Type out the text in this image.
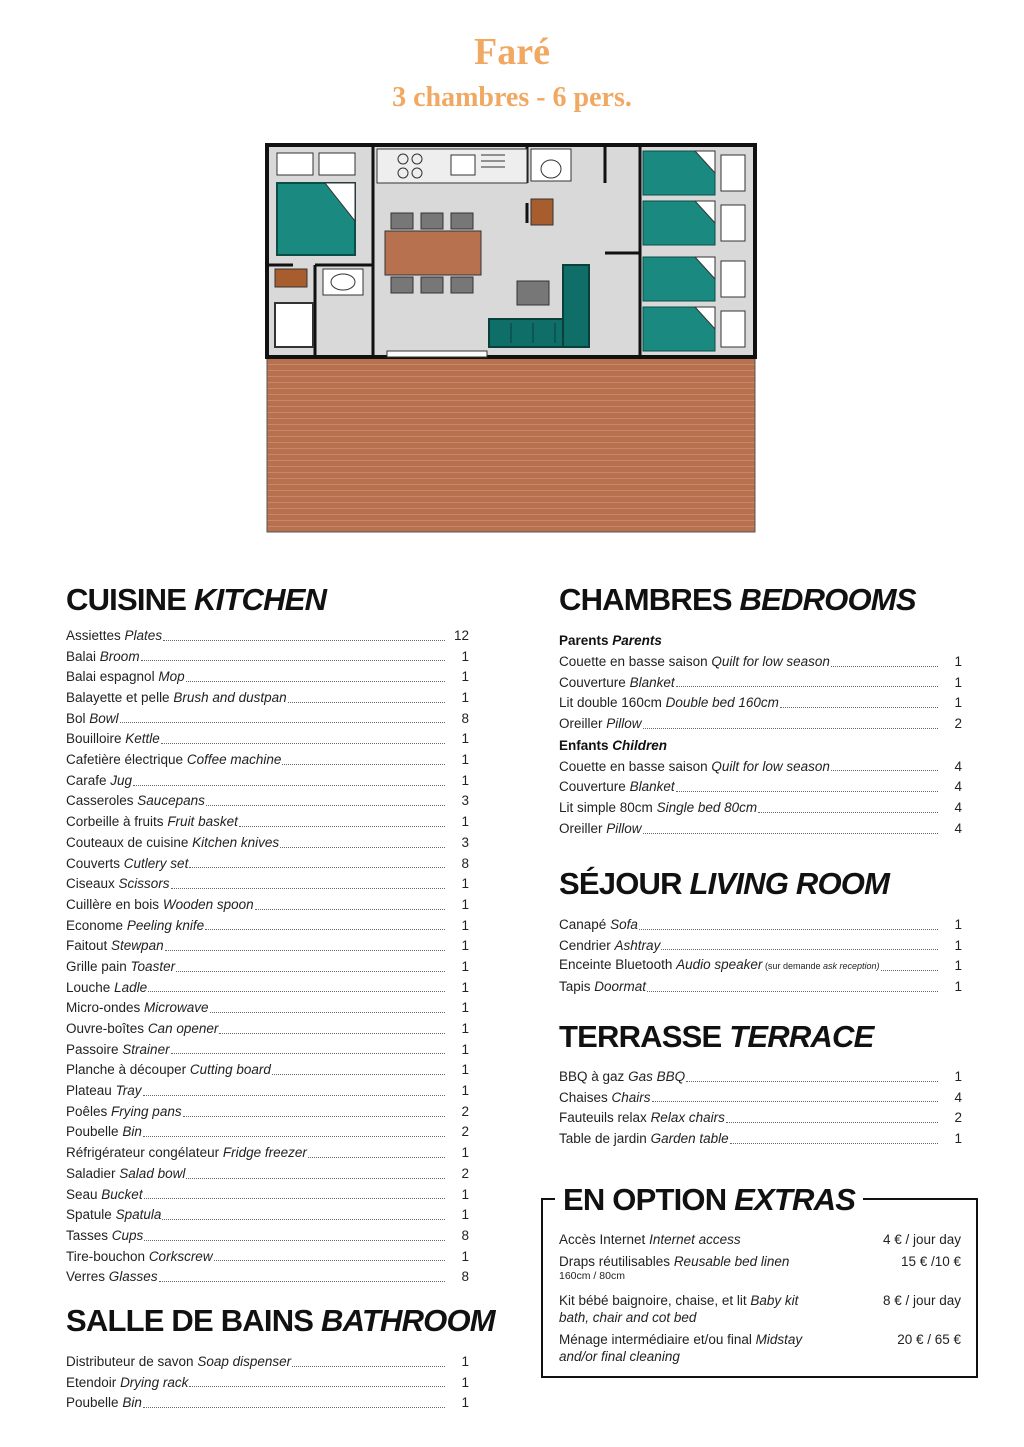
Faré
3 chambres - 6 pers.
CUISINE KITCHEN
Assiettes Plates	12
Balai Broom	1
Balai espagnol Mop	1
Balayette et pelle Brush and dustpan	1
Bol Bowl	8
Bouilloire Kettle	1
Cafetière électrique Coffee machine	1
Carafe Jug	1
Casseroles Saucepans	3
Corbeille à fruits Fruit basket	1
Couteaux de cuisine Kitchen knives	3
Couverts Cutlery set	8
Ciseaux Scissors	1
Cuillère en bois Wooden spoon	1
Econome Peeling knife	1
Faitout Stewpan	1
Grille pain Toaster	1
Louche Ladle	1
Micro-ondes Microwave	1
Ouvre-boîtes Can opener	1
Passoire Strainer	1
Planche à découper Cutting board	1
Plateau Tray	1
Poêles Frying pans	2
Poubelle Bin	2
Réfrigérateur congélateur Fridge freezer	1
Saladier Salad bowl	2
Seau Bucket	1
Spatule Spatula	1
Tasses Cups	8
Tire-bouchon Corkscrew	1
Verres Glasses	8
SALLE DE BAINS BATHROOM
Distributeur de savon Soap dispenser	1
Etendoir Drying rack	1
Poubelle Bin	1
CHAMBRES BEDROOMS
Parents Parents
Couette en basse saison Quilt for low season	1
Couverture Blanket	1
Lit double 160cm Double bed 160cm	1
Oreiller Pillow	2
Enfants Children
Couette en basse saison Quilt for low season	4
Couverture Blanket	4
Lit simple 80cm Single bed 80cm	4
Oreiller Pillow	4
SÉJOUR LIVING ROOM
Canapé Sofa	1
Cendrier Ashtray	1
Enceinte Bluetooth Audio speaker (sur demande ask reception)	1
Tapis Doormat	1
TERRASSE TERRACE
BBQ à gaz Gas BBQ	1
Chaises Chairs	4
Fauteuils relax Relax chairs	2
Table de jardin Garden table	1
EN OPTION EXTRAS
Accès Internet Internet access	4 € / jour day
Draps réutilisables Reusable bed linen
160cm / 80cm
15 € /10 €
Kit bébé baignoire, chaise, et lit Baby kit bath, chair and cot bed
8 € / jour day
Ménage intermédiaire et/ou final Midstay and/or final cleaning
20 € / 65 €
